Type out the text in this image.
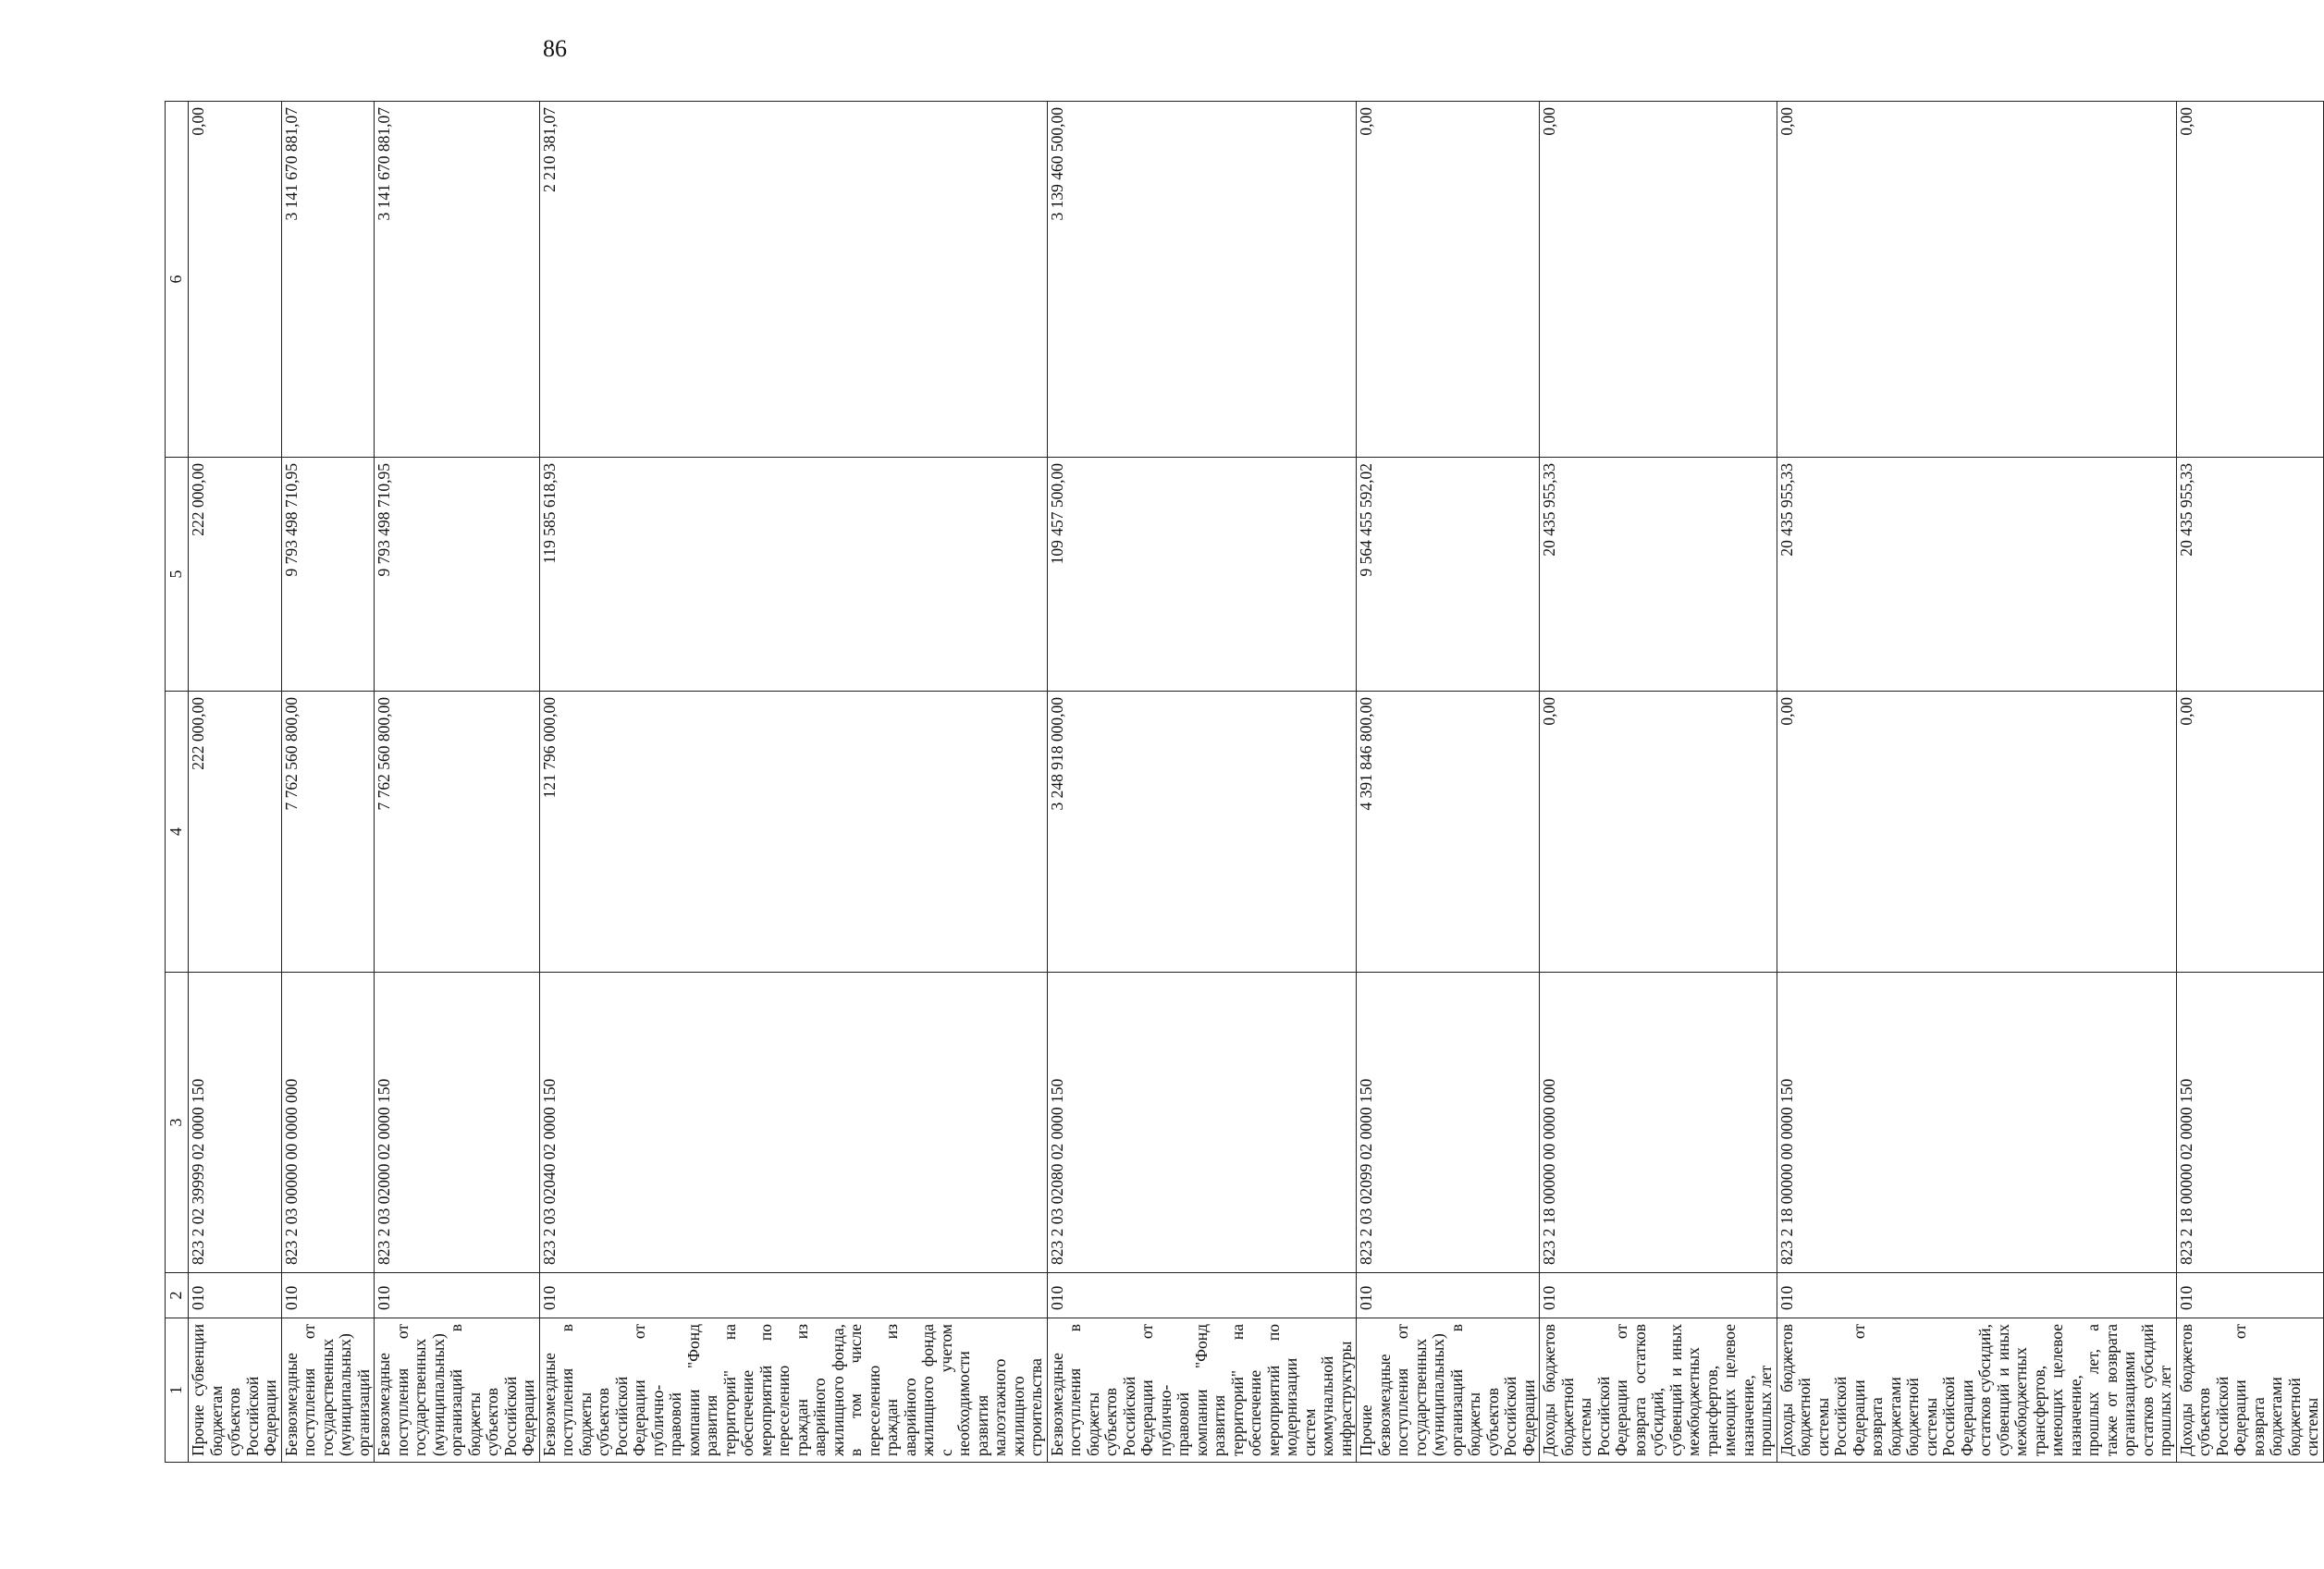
86
1	2	3	4	5	6
Прочие субвенции бюджетам субъектов Российской Федерации	010	823 2 02 39999 02 0000 150	222 000,00	222 000,00	0,00
Безвозмездные поступления от государственных (муниципальных) организаций	010	823 2 03 00000 00 0000 000	7 762 560 800,00	9 793 498 710,95	3 141 670 881,07
Безвозмездные поступления от государственных (муниципальных) организаций в бюджеты субъектов Российской Федерации	010	823 2 03 02000 02 0000 150	7 762 560 800,00	9 793 498 710,95	3 141 670 881,07
Безвозмездные поступления в бюджеты субъектов Российской Федерации от публично-правовой компании "Фонд развития территорий" на обеспечение мероприятий по переселению граждан из аварийного жилищного фонда, в том числе переселению граждан из аварийного жилищного фонда с учетом необходимости развития малоэтажного жилищного строительства	010	823 2 03 02040 02 0000 150	121 796 000,00	119 585 618,93	2 210 381,07
Безвозмездные поступления в бюджеты субъектов Российской Федерации от публично-правовой компании "Фонд развития территорий" на обеспечение мероприятий по модернизации систем коммунальной инфраструктуры	010	823 2 03 02080 02 0000 150	3 248 918 000,00	109 457 500,00	3 139 460 500,00
Прочие безвозмездные поступления от государственных (муниципальных) организаций в бюджеты субъектов Российской Федерации	010	823 2 03 02099 02 0000 150	4 391 846 800,00	9 564 455 592,02	0,00
Доходы бюджетов бюджетной системы Российской Федерации от возврата остатков субсидий, субвенций и иных межбюджетных трансфертов, имеющих целевое назначение, прошлых лет	010	823 2 18 00000 00 0000 000	0,00	20 435 955,33	0,00
Доходы бюджетов бюджетной системы Российской Федерации от возврата бюджетами бюджетной системы Российской Федерации остатков субсидий, субвенций и иных межбюджетных трансфертов, имеющих целевое назначение, прошлых лет, а также от возврата организациями остатков субсидий прошлых лет	010	823 2 18 00000 00 0000 150	0,00	20 435 955,33	0,00
Доходы бюджетов субъектов Российской Федерации от возврата бюджетами бюджетной системы	010	823 2 18 00000 02 0000 150	0,00	20 435 955,33	0,00
